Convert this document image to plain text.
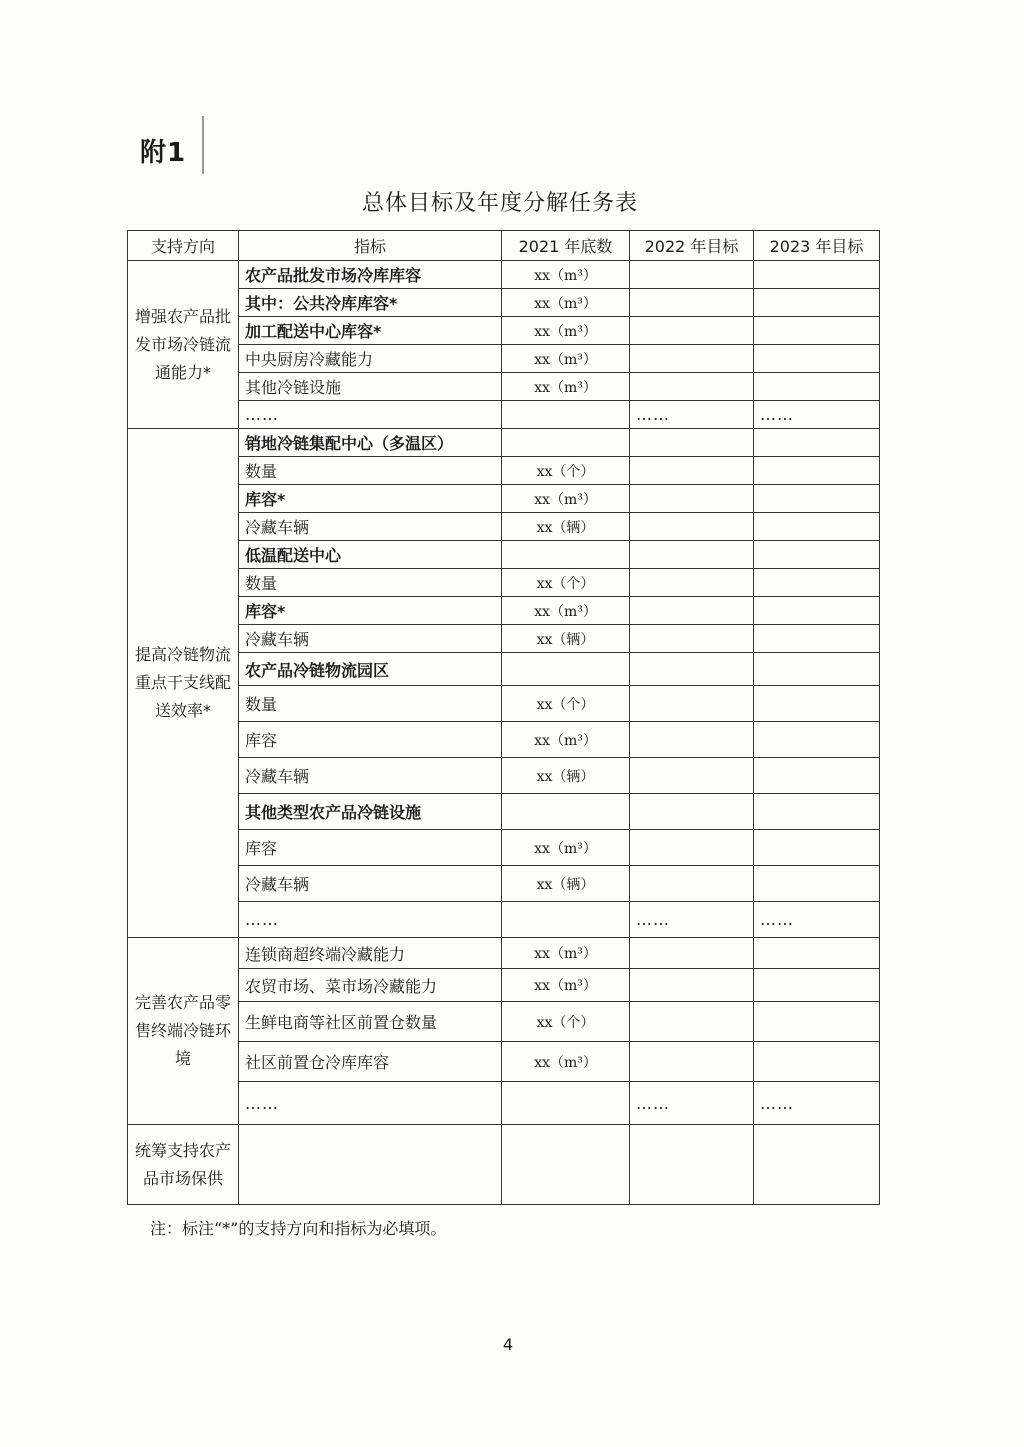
附1
总体目标及年度分解任务表
支持方向	指标	2021 年底数	2022 年目标	2023 年目标
增强农产品批发市场冷链流通能力*	农产品批发市场冷库库容	xx（m³）		
	其中：公共冷库库容*	xx（m³）		
	加工配送中心库容*	xx（m³）		
	中央厨房冷藏能力	xx（m³）		
	其他冷链设施	xx（m³）		
	……		……	……
提高冷链物流重点干支线配送效率*	销地冷链集配中心（多温区）			
	数量	xx（个）		
	库容*	xx（m³）		
	冷藏车辆	xx（辆）		
	低温配送中心			
	数量	xx（个）		
	库容*	xx（m³）		
	冷藏车辆	xx（辆）		
	农产品冷链物流园区			
	数量	xx（个）		
	库容	xx（m³）		
	冷藏车辆	xx（辆）		
	其他类型农产品冷链设施			
	库容	xx（m³）		
	冷藏车辆	xx（辆）		
	……		……	……
完善农产品零售终端冷链环境	连锁商超终端冷藏能力	xx（m³）		
	农贸市场、菜市场冷藏能力	xx（m³）		
	生鲜电商等社区前置仓数量	xx（个）		
	社区前置仓冷库库容	xx（m³）		
	……		……	……
统筹支持农产品市场保供				
注：标注“*”的支持方向和指标为必填项。
4
